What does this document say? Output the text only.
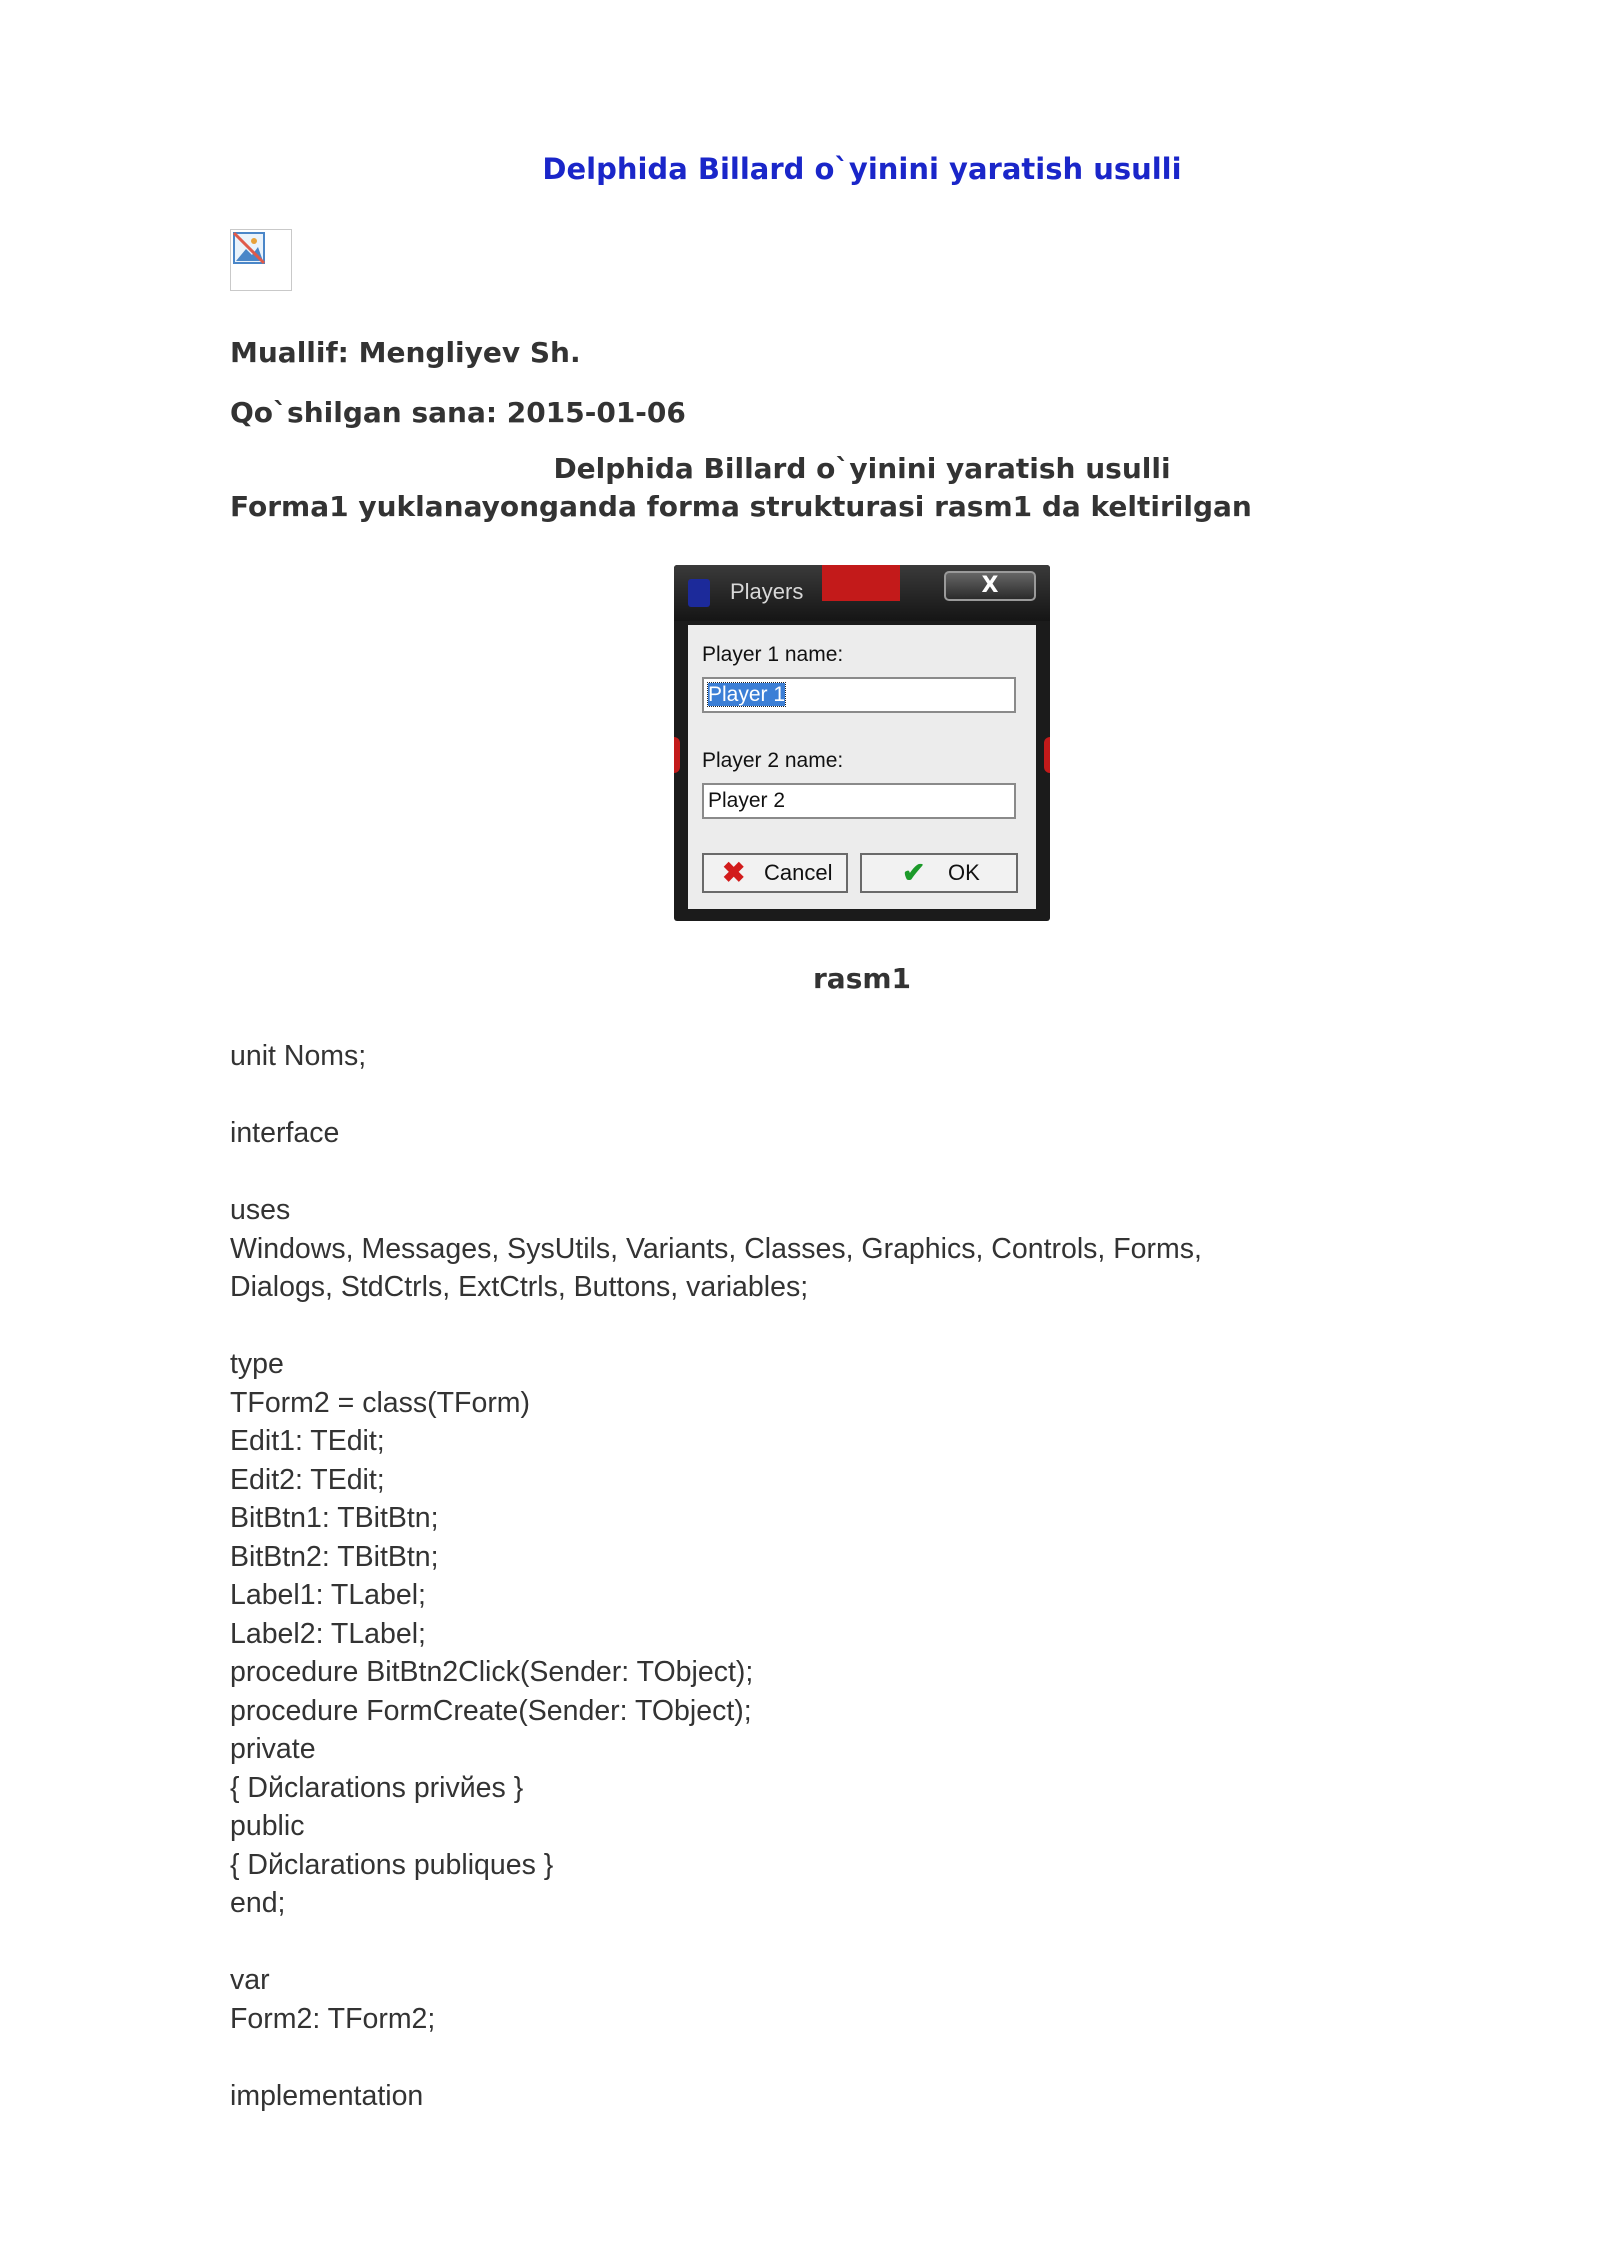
Delphida Billard o`yinini yaratish usulli
Muallif: Mengliyev Sh.
Qo`shilgan sana: 2015-01-06
Delphida Billard o`yinini yaratish usulli
Forma1 yuklanayonganda forma strukturasi rasm1 da keltirilgan
Players	X
Player 1 name:
Player 1
Player 2 name:
Player 2
✖ Cancel ✔ OK
rasm1
unit Noms;
interface
uses
Windows, Messages, SysUtils, Variants, Classes, Graphics, Controls, Forms,
Dialogs, StdCtrls, ExtCtrls, Buttons, variables;
type
TForm2 = class(TForm)
Edit1: TEdit;
Edit2: TEdit;
BitBtn1: TBitBtn;
BitBtn2: TBitBtn;
Label1: TLabel;
Label2: TLabel;
procedure BitBtn2Click(Sender: TObject);
procedure FormCreate(Sender: TObject);
private
{ Dйclarations privйes }
public
{ Dйclarations publiques }
end;
var
Form2: TForm2;
implementation
